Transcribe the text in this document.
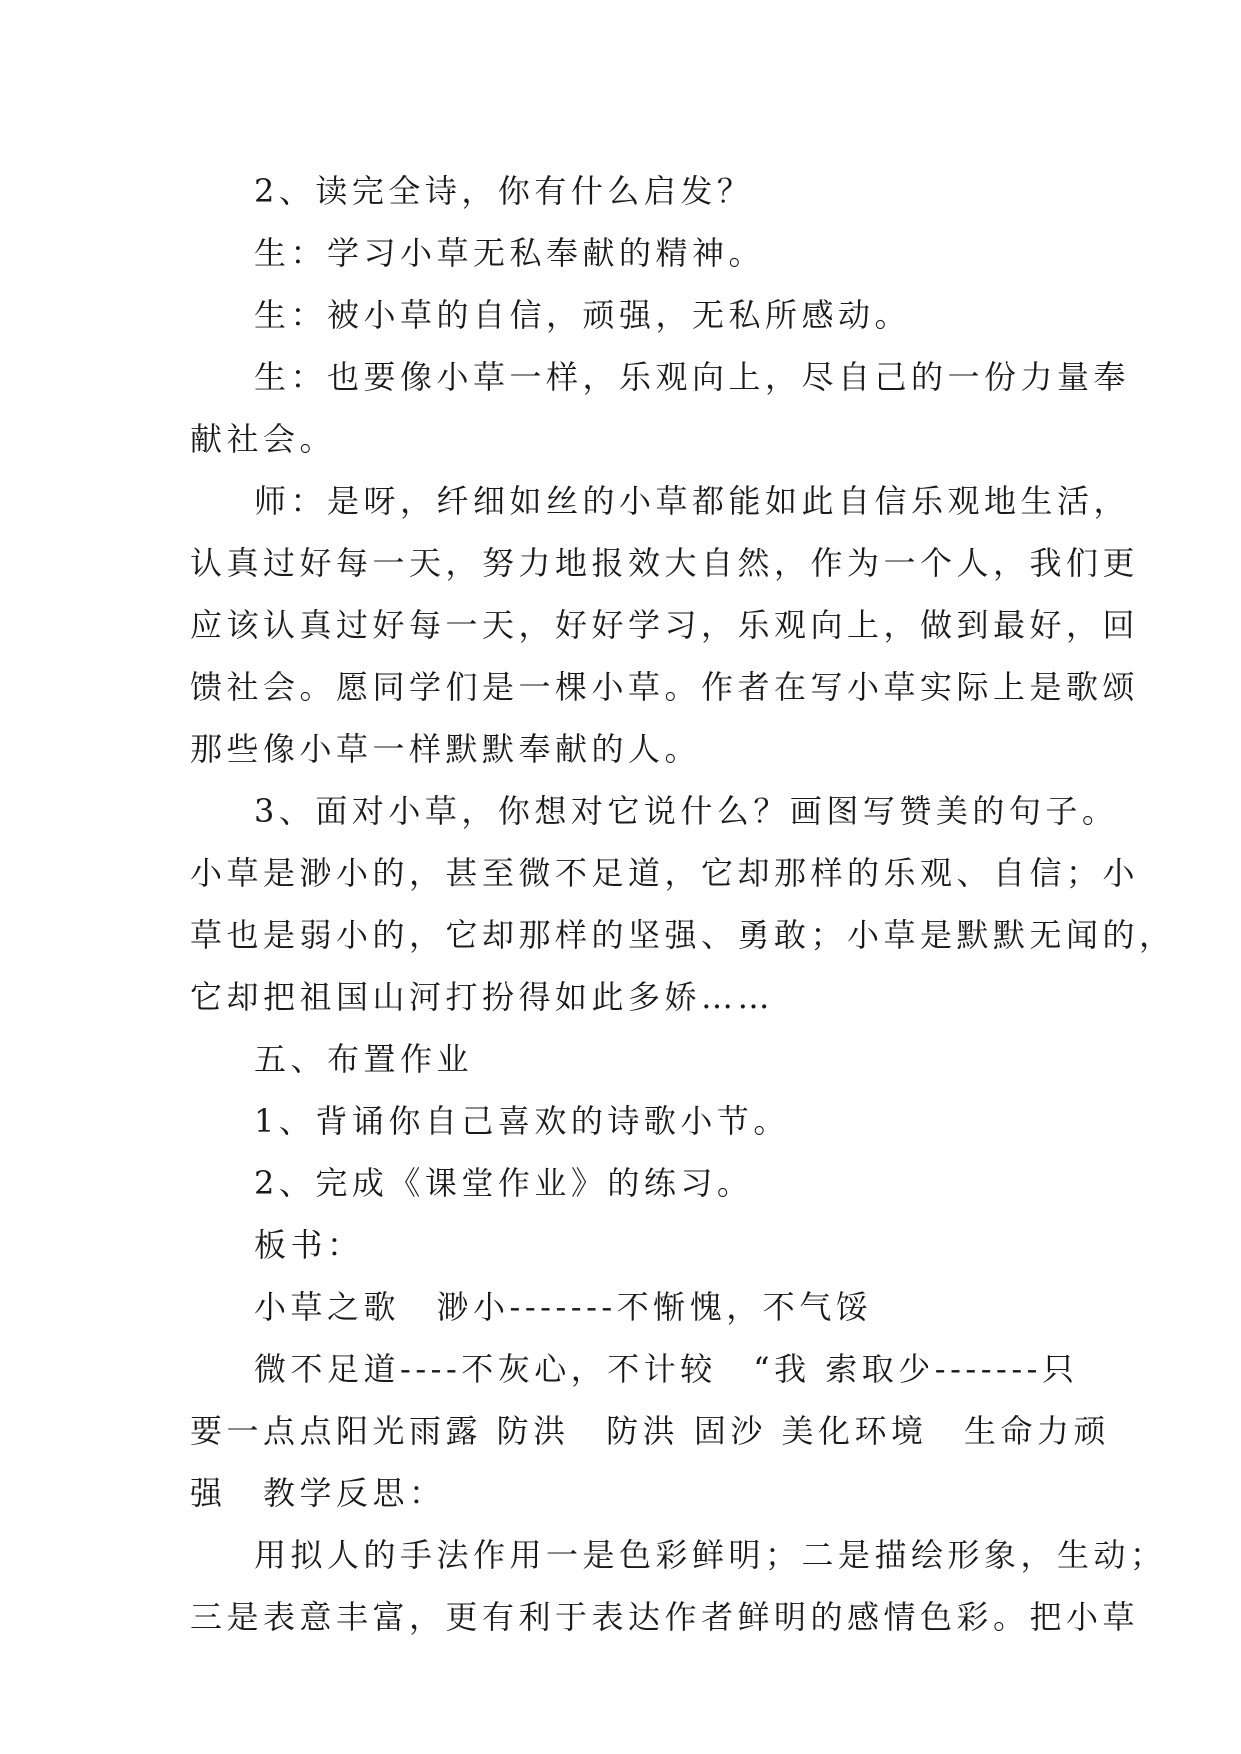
2、读完全诗，你有什么启发？
生：学习小草无私奉献的精神。
生：被小草的自信，顽强，无私所感动。
生：也要像小草一样，乐观向上，尽自己的一份力量奉
献社会。
师：是呀，纤细如丝的小草都能如此自信乐观地生活，
认真过好每一天，努力地报效大自然，作为一个人，我们更
应该认真过好每一天，好好学习，乐观向上，做到最好，回
馈社会。愿同学们是一棵小草。作者在写小草实际上是歌颂
那些像小草一样默默奉献的人。
3、面对小草，你想对它说什么？画图写赞美的句子。
小草是渺小的，甚至微不足道，它却那样的乐观、自信；小
草也是弱小的，它却那样的坚强、勇敢；小草是默默无闻的，
它却把祖国山河打扮得如此多娇……
五、布置作业
1、背诵你自己喜欢的诗歌小节。
2、完成《课堂作业》的练习。
板书：
小草之歌　渺小-------不惭愧，不气馁
微不足道----不灰心，不计较　“我 索取少-------只
要一点点阳光雨露 防洪　防洪 固沙 美化环境　生命力顽
强　教学反思：
用拟人的手法作用一是色彩鲜明；二是描绘形象，生动；
三是表意丰富，更有利于表达作者鲜明的感情色彩。把小草
